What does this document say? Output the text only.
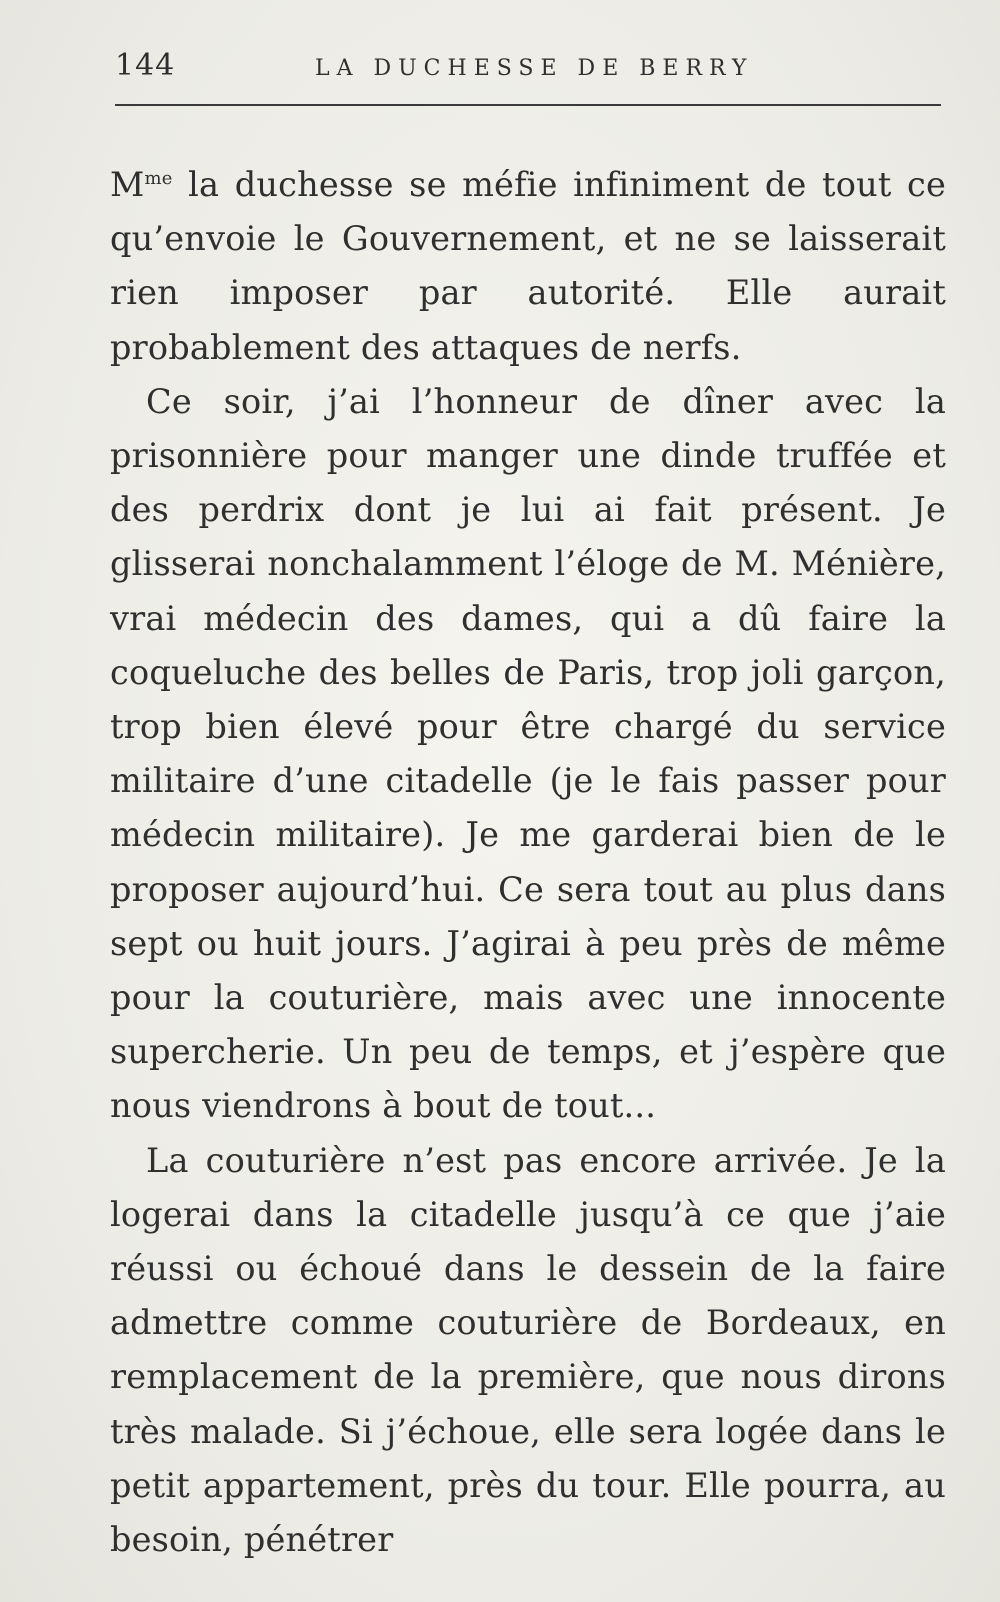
144	LA DUCHESSE DE BERRY

$M^{me}$ la duchesse se méfie infiniment de tout ce qu’envoie le Gouvernement, et ne se laisserait rien imposer par autorité. Elle aurait probablement des attaques de nerfs.

Ce soir, j’ai l’honneur de dîner avec la prisonnière pour manger une dinde truffée et des perdrix dont je lui ai fait présent. Je glisserai nonchalamment l’éloge de M. Ménière, vrai médecin des dames, qui a dû faire la coqueluche des belles de Paris, trop joli garçon, trop bien élevé pour être chargé du service militaire d’une citadelle (je le fais passer pour médecin militaire). Je me garderai bien de le proposer aujourd’hui. Ce sera tout au plus dans sept ou huit jours. J’agirai à peu près de même pour la couturière, mais avec une innocente supercherie. Un peu de temps, et j’espère que nous viendrons à bout de tout...

La couturière n’est pas encore arrivée. Je la logerai dans la citadelle jusqu’à ce que j’aie réussi ou échoué dans le dessein de la faire admettre comme couturière de Bordeaux, en remplacement de la première, que nous dirons très malade. Si j’échoue, elle sera logée dans le petit appartement, près du tour. Elle pourra, au besoin, pénétrer
